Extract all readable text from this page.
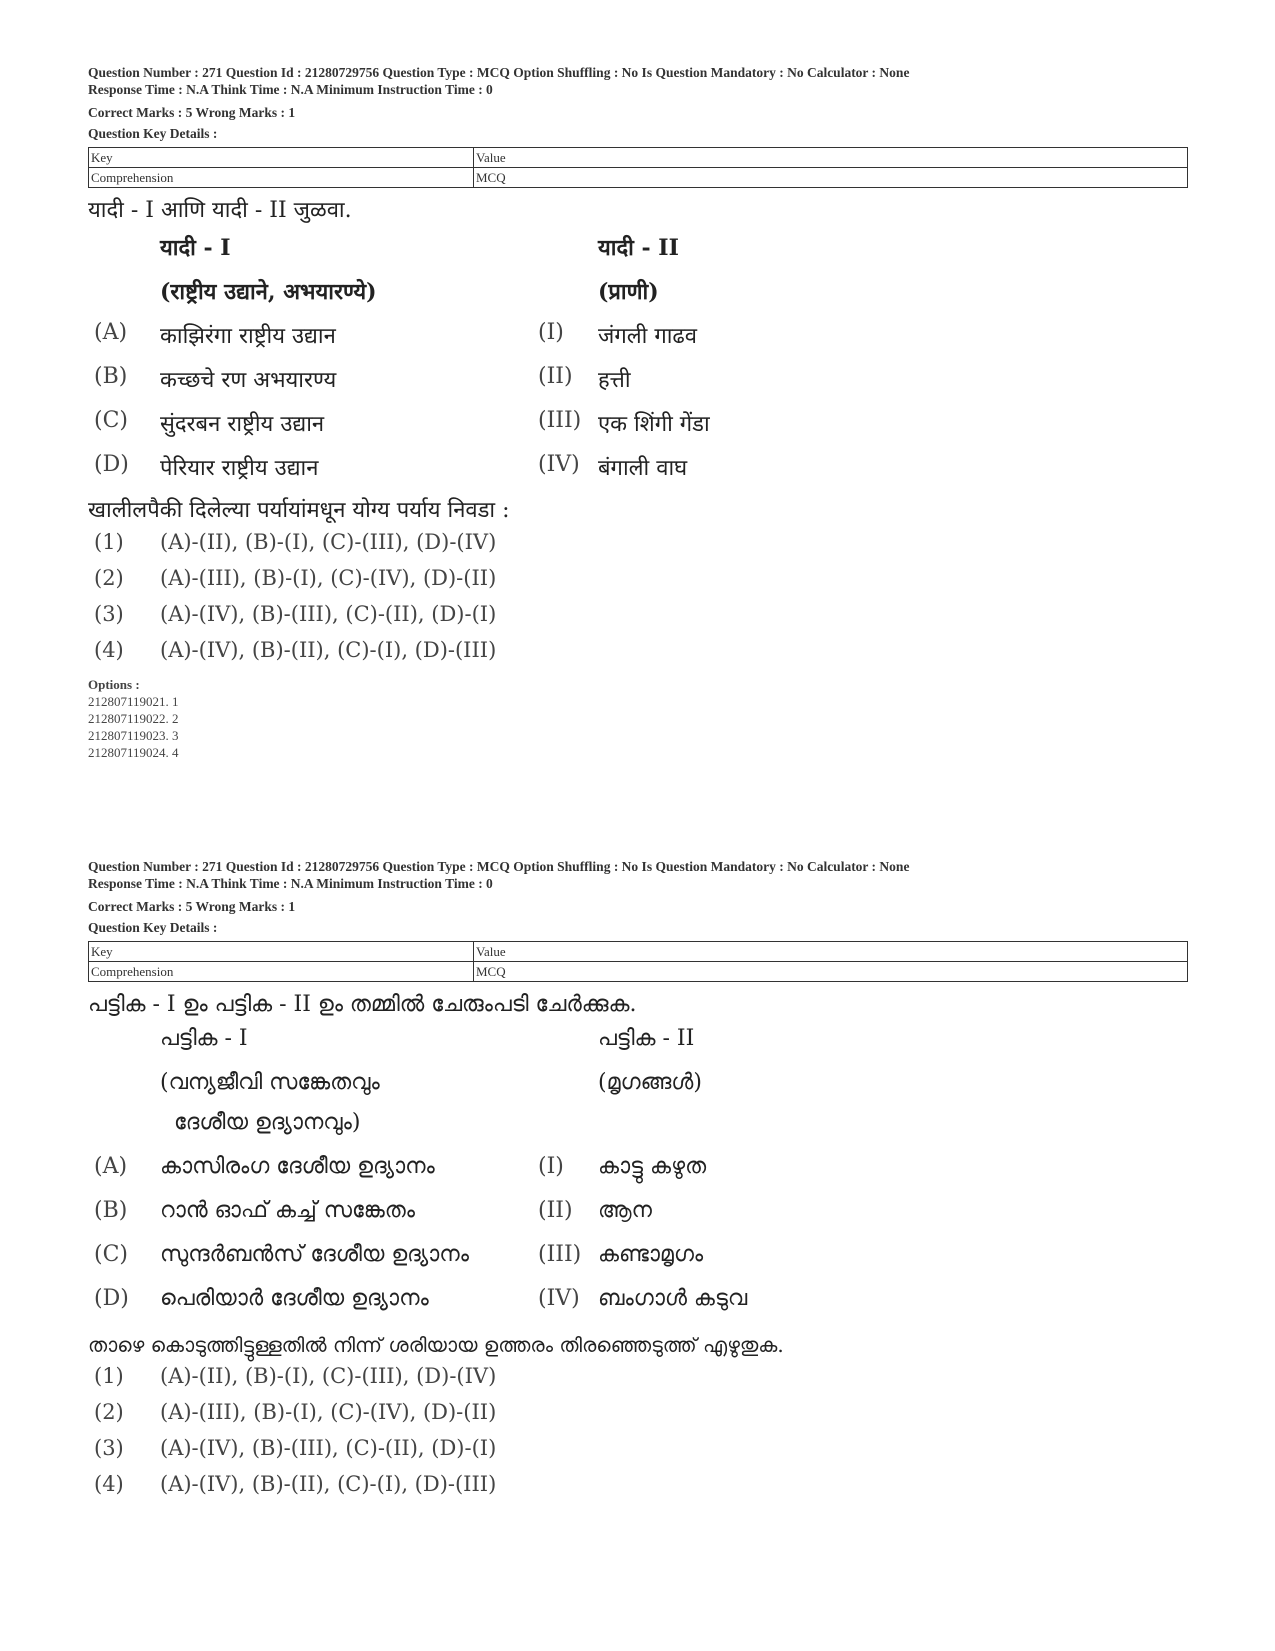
Question Number : 271 Question Id : 21280729756 Question Type : MCQ Option Shuffling : No Is Question Mandatory : No Calculator : None
Response Time : N.A Think Time : N.A Minimum Instruction Time : 0
Correct Marks : 5 Wrong Marks : 1
Question Key Details :
Key	Value
Comprehension	MCQ
यादी - I आणि यादी - II जुळवा.
यादी - I	यादी - II
(राष्ट्रीय उद्याने, अभयारण्ये)	(प्राणी)
(A) काझिरंगा राष्ट्रीय उद्यान	(I) जंगली गाढव
(B) कच्छचे रण अभयारण्य	(II) हत्ती
(C) सुंदरबन राष्ट्रीय उद्यान	(III) एक शिंगी गेंडा
(D) पेरियार राष्ट्रीय उद्यान	(IV) बंगाली वाघ
खालीलपैकी दिलेल्या पर्यायांमधून योग्य पर्याय निवडा :
(1) (A)-(II), (B)-(I), (C)-(III), (D)-(IV)
(2) (A)-(III), (B)-(I), (C)-(IV), (D)-(II)
(3) (A)-(IV), (B)-(III), (C)-(II), (D)-(I)
(4) (A)-(IV), (B)-(II), (C)-(I), (D)-(III)
Options :
212807119021. 1
212807119022. 2
212807119023. 3
212807119024. 4
Question Number : 271 Question Id : 21280729756 Question Type : MCQ Option Shuffling : No Is Question Mandatory : No Calculator : None
Response Time : N.A Think Time : N.A Minimum Instruction Time : 0
Correct Marks : 5 Wrong Marks : 1
Question Key Details :
Key	Value
Comprehension	MCQ
പട്ടിക - I ഉം പട്ടിക - II ഉം തമ്മിൽ ചേരുംപടി ചേർക്കുക.
പട്ടിക - I	പട്ടിക - II
(വന്യജീവി സങ്കേതവും	(മൃഗങ്ങൾ)
ദേശീയ ഉദ്യാനവും)
(A) കാസിരംഗ ദേശീയ ഉദ്യാനം	(I) കാട്ടു കഴുത
(B) റാൻ ഓഫ് കച്ച് സങ്കേതം	(II) ആന
(C) സുന്ദർബൻസ് ദേശീയ ഉദ്യാനം	(III) കണ്ടാമൃഗം
(D) പെരിയാർ ദേശീയ ഉദ്യാനം	(IV) ബംഗാൾ കടുവ
താഴെ കൊടുത്തിട്ടുള്ളതിൽ നിന്ന് ശരിയായ ഉത്തരം തിരഞ്ഞെടുത്ത് എഴുതുക.
(1) (A)-(II), (B)-(I), (C)-(III), (D)-(IV)
(2) (A)-(III), (B)-(I), (C)-(IV), (D)-(II)
(3) (A)-(IV), (B)-(III), (C)-(II), (D)-(I)
(4) (A)-(IV), (B)-(II), (C)-(I), (D)-(III)
